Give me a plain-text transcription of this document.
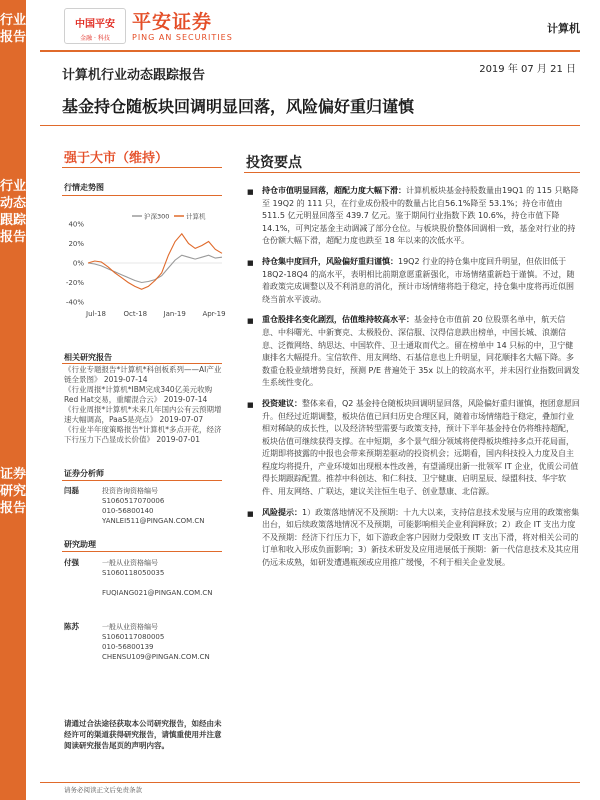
行业报告
行业动态跟踪报告
证券研究报告
中国平安
金融 · 科技
平安证券
PING AN SECURITIES
计算机
计算机行业动态跟踪报告	2019 年 07 月 21 日
基金持仓随板块回调明显回落，风险偏好重归谨慎
强于大市（维持）
行情走势图
40%
20%
0%
-20%
-40%
Jul-18	Oct-18 Jan-19 Apr-19
沪深300	计算机
相关研究报告
《行业专题报告*计算机*科创板系列——AI产业链全景图》 2019-07-14
《行业周报*计算机*IBM完成340亿美元收购Red Hat交易，重耀混合云》 2019-07-14
《行业周报*计算机*未来几年国内公有云预期增速大幅调高，PaaS是亮点》 2019-07-07
《行业半年度策略报告*计算机*多点开花，经济下行压力下凸显成长价值》 2019-07-01
证券分析师
闫磊	投资咨询资格编号
S1060517070006
010-56800140
YANLEI511@PINGAN.COM.CN
研究助理
付强	一般从业资格编号
S1060118050035
FUQIANG021@PINGAN.COM.CN
陈苏	一般从业资格编号
S1060117080005
010-56800139
CHENSU109@PINGAN.COM.CN
请通过合法途径获取本公司研究报告，如经由未经许可的渠道获得研究报告，请慎重使用并注意阅读研究报告尾页的声明内容。
投资要点
■ 持仓市值明显回落，超配力度大幅下滑：计算机板块基金持股数量由19Q1 的 115 只略降至 19Q2 的 111 只，在行业成份股中的数量占比自56.1%降至 53.1%；持仓市值由 511.5 亿元明显回落至 439.7 亿元。鉴于期间行业指数下跌 10.6%，持仓市值下降 14.1%，可判定基金主动调减了部分仓位。与板块股价整体回调相一致，基金对行业的持仓份额大幅下滑，超配力度也跌至 18 年以来的次低水平。
■ 持仓集中度回升，风险偏好重归谨慎：19Q2 行业的持仓集中度回升明显，但依旧低于 18Q2-18Q4 的高水平，表明相比前期意愿重新强化，市场情绪重新趋于谨慎。不过，随着政策完成调整以及不利消息的消化，预计市场情绪将趋于稳定，持仓集中度将再近似围绕当前水平波动。
■ 重仓股排名变化剧烈，估值维持较高水平：基金持仓市值前 20 位股票名单中，航天信息、中科曙光、中新赛克、太极股份、深信服、汉得信息跌出榜单，中国长城、浪潮信息、泛微网络、纳思达、中国软件、卫士通取而代之。留在榜单中 14 只标的中，卫宁健康排名大幅提升。宝信软件、用友网络、石基信息也上升明显，同花顺排名大幅下降。多数重仓股业绩增势良好，预测 P/E 普遍处于 35x 以上的较高水平，并未因行业指数回调发生系统性变化。
■ 投资建议：整体来看，Q2 基金持仓随板块回调明显回落，风险偏好重归谨慎，抱团意愿回升。但经过近期调整，板块估值已回归历史合理区间，随着市场情绪趋于稳定，叠加行业相对稀缺的成长性，以及经济转型需要与政策支持，预计下半年基金持仓仍将维持超配，板块估值可继续获得支撑。在中短期，多个景气细分领域将使得板块维持多点开花局面，近期即将披露的中报也会带来预期差驱动的投资机会；远期看，国内科技投入力度及自主程度均将提升，产业环境如出现根本性改善，有望涌现出新一批领军 IT 企业，优质公司值得长期跟踪配置。推荐中科创达、和仁科技、卫宁健康、启明星辰、绿盟科技、华宇软件、用友网络、广联达，建议关注恒生电子、创业慧康、北信源。
■ 风险提示：1）政策落地情况不及预期：十九大以来，支持信息技术发展与应用的政策密集出台，如后续政策落地情况不及预期，可能影响相关企业利润释放；2）政企 IT 支出力度不及预期：经济下行压力下，如下游政企客户因财力受限致 IT 支出下滑，将对相关公司的订单和收入形成负面影响；3）新技术研发及应用进展低于预期：新一代信息技术及其应用仍远未成熟，如研发遭遇瓶颈或应用推广缓慢，不利于相关企业发展。
请务必阅读正文后免责条款
